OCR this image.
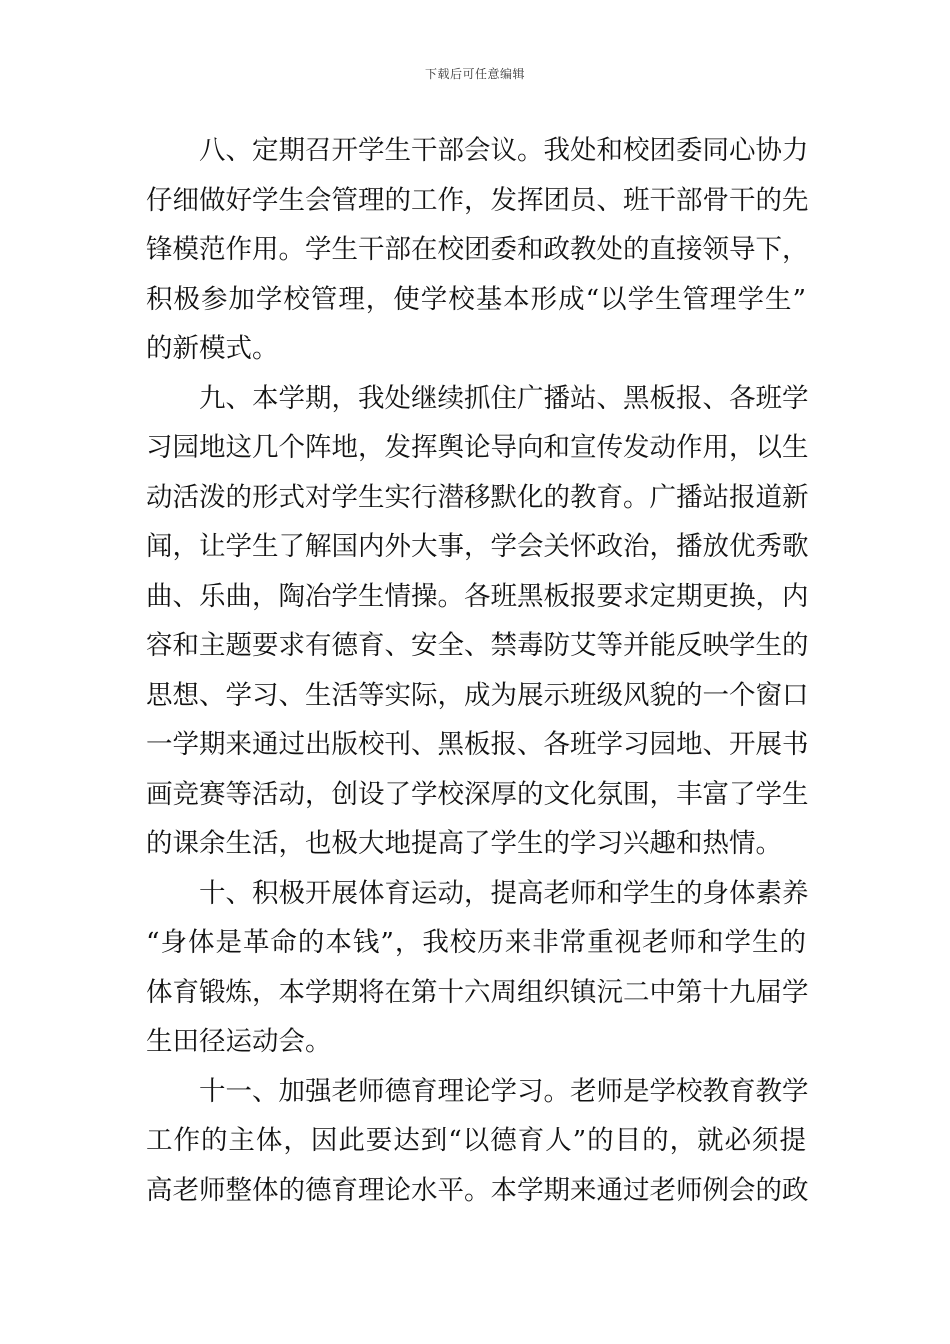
下载后可任意编辑
八、定期召开学生干部会议。我处和校团委同心协力
仔细做好学生会管理的工作，发挥团员、班干部骨干的先
锋模范作用。学生干部在校团委和政教处的直接领导下，
积极参加学校管理，使学校基本形成“以学生管理学生”
的新模式。
九、本学期，我处继续抓住广播站、黑板报、各班学
习园地这几个阵地，发挥舆论导向和宣传发动作用，以生
动活泼的形式对学生实行潜移默化的教育。广播站报道新
闻，让学生了解国内外大事，学会关怀政治，播放优秀歌
曲、乐曲，陶冶学生情操。各班黑板报要求定期更换，内
容和主题要求有德育、安全、禁毒防艾等并能反映学生的
思想、学习、生活等实际，成为展示班级风貌的一个窗口
一学期来通过出版校刊、黑板报、各班学习园地、开展书
画竞赛等活动，创设了学校深厚的文化氛围，丰富了学生
的课余生活，也极大地提高了学生的学习兴趣和热情。
十、积极开展体育运动，提高老师和学生的身体素养
“身体是革命的本钱”，我校历来非常重视老师和学生的
体育锻炼，本学期将在第十六周组织镇沅二中第十九届学
生田径运动会。
十一、加强老师德育理论学习。老师是学校教育教学
工作的主体，因此要达到“以德育人”的目的，就必须提
高老师整体的德育理论水平。本学期来通过老师例会的政
